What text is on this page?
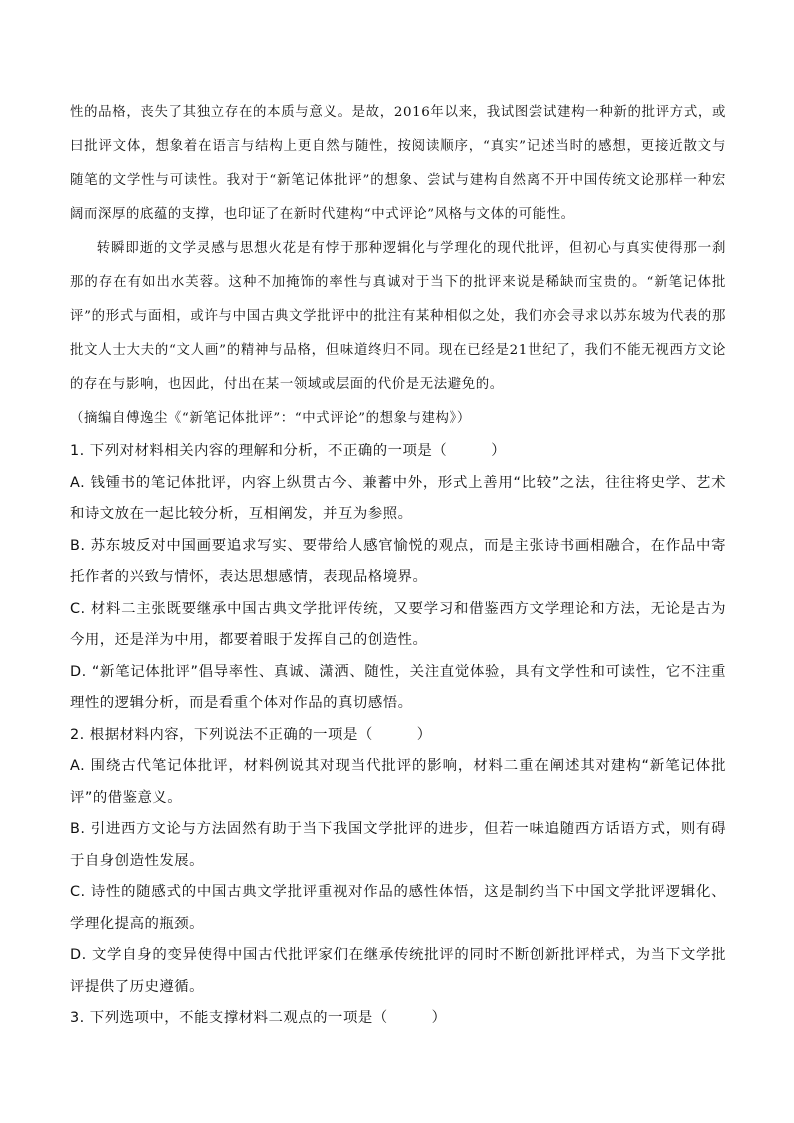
性的品格，丧失了其独立存在的本质与意义。是故，2016年以来，我试图尝试建构一种新的批评方式，或曰批评文体，想象着在语言与结构上更自然与随性，按阅读顺序，“真实”记述当时的感想，更接近散文与随笔的文学性与可读性。我对于“新笔记体批评”的想象、尝试与建构自然离不开中国传统文论那样一种宏阔而深厚的底蕴的支撑，也印证了在新时代建构“中式评论”风格与文体的可能性。

转瞬即逝的文学灵感与思想火花是有悖于那种逻辑化与学理化的现代批评，但初心与真实使得那一刹那的存在有如出水芙蓉。这种不加掩饰的率性与真诚对于当下的批评来说是稀缺而宝贵的。“新笔记体批评”的形式与面相，或许与中国古典文学批评中的批注有某种相似之处，我们亦会寻求以苏东坡为代表的那批文人士大夫的“文人画”的精神与品格，但味道终归不同。现在已经是21世纪了，我们不能无视西方文论的存在与影响，也因此，付出在某一领域或层面的代价是无法避免的。

（摘编自傅逸尘《“新笔记体批评”：“中式评论”的想象与建构》）

1. 下列对材料相关内容的理解和分析，不正确的一项是（	）

A. 钱锺书的笔记体批评，内容上纵贯古今、兼蓄中外，形式上善用“比较”之法，往往将史学、艺术和诗文放在一起比较分析，互相阐发，并互为参照。

B. 苏东坡反对中国画要追求写实、要带给人感官愉悦的观点，而是主张诗书画相融合，在作品中寄托作者的兴致与情怀，表达思想感情，表现品格境界。

C. 材料二主张既要继承中国古典文学批评传统，又要学习和借鉴西方文学理论和方法，无论是古为今用，还是洋为中用，都要着眼于发挥自己的创造性。

D. “新笔记体批评”倡导率性、真诚、潇洒、随性，关注直觉体验，具有文学性和可读性，它不注重理性的逻辑分析，而是看重个体对作品的真切感悟。

2. 根据材料内容，下列说法不正确的一项是（	）

A. 围绕古代笔记体批评，材料例说其对现当代批评的影响，材料二重在阐述其对建构“新笔记体批评”的借鉴意义。

B. 引进西方文论与方法固然有助于当下我国文学批评的进步，但若一味追随西方话语方式，则有碍于自身创造性发展。

C. 诗性的随感式的中国古典文学批评重视对作品的感性体悟，这是制约当下中国文学批评逻辑化、学理化提高的瓶颈。

D. 文学自身的变异使得中国古代批评家们在继承传统批评的同时不断创新批评样式，为当下文学批评提供了历史遵循。

3. 下列选项中，不能支撑材料二观点的一项是（	）
